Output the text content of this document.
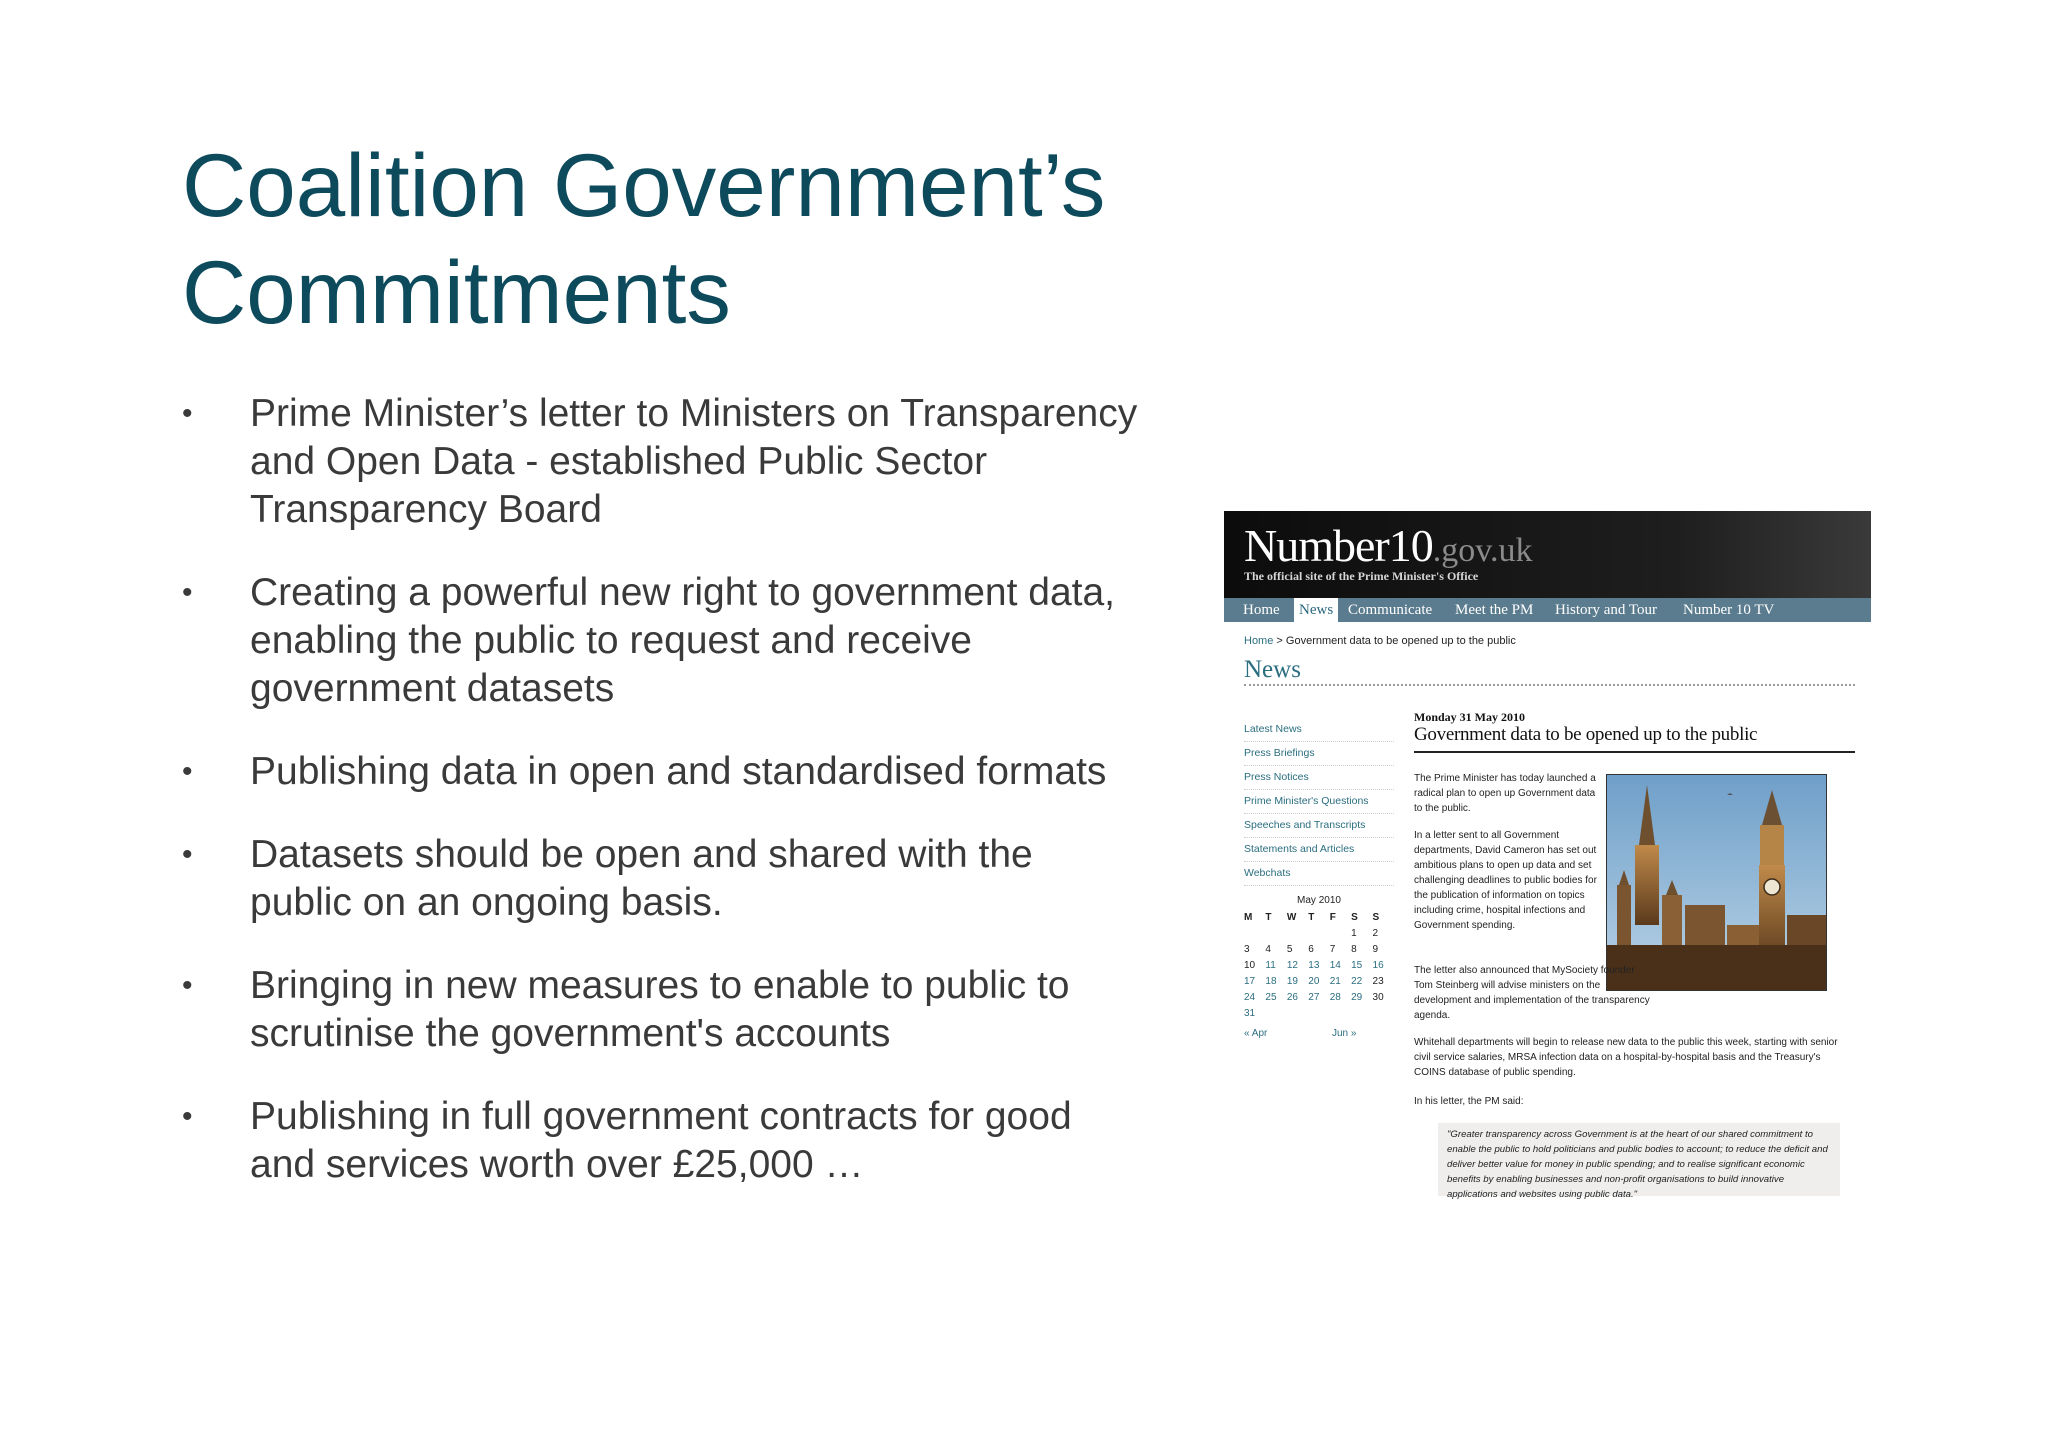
Coalition Government’s
Commitments
• Prime Minister’s letter to Ministers on Transparency
and Open Data - established Public Sector
Transparency Board
• Creating a powerful new right to government data,
enabling the public to request and receive
government datasets
• Publishing data in open and standardised formats
• Datasets should be open and shared with the
public on an ongoing basis.
• Bringing in new measures to enable to public to
scrutinise the government's accounts
• Publishing in full government contracts for good
and services worth over £25,000 …
Number10.gov.uk
The official site of the Prime Minister's Office
Home	News Communicate Meet the PM History and Tour Number 10 TV
Home > Government data to be opened up to the public
News
Latest News
Press Briefings
Press Notices
Prime Minister's Questions
Speeches and Transcripts
Statements and Articles
Webchats
May 2010
M	T	W	T	F	S	S
					1	2
3	4	5	6	7	8	9
10	11	12	13	14	15	16
17	18	19	20	21	22	23
24	25	26	27	28	29	30
31						
« Apr	Jun »
Monday 31 May 2010
Government data to be opened up to the public
The Prime Minister has today launched a radical plan to open up Government data to the public.
In a letter sent to all Government departments, David Cameron has set out ambitious plans to open up data and set challenging deadlines to public bodies for the publication of information on topics including crime, hospital infections and Government spending.
The letter also announced that MySociety founder Tom Steinberg will advise ministers on the development and implementation of the transparency agenda.
Whitehall departments will begin to release new data to the public this week, starting with senior civil service salaries, MRSA infection data on a hospital-by-hospital basis and the Treasury's COINS database of public spending.
In his letter, the PM said:
"Greater transparency across Government is at the heart of our shared commitment to enable the public to hold politicians and public bodies to account; to reduce the deficit and deliver better value for money in public spending; and to realise significant economic benefits by enabling businesses and non-profit organisations to build innovative applications and websites using public data."
